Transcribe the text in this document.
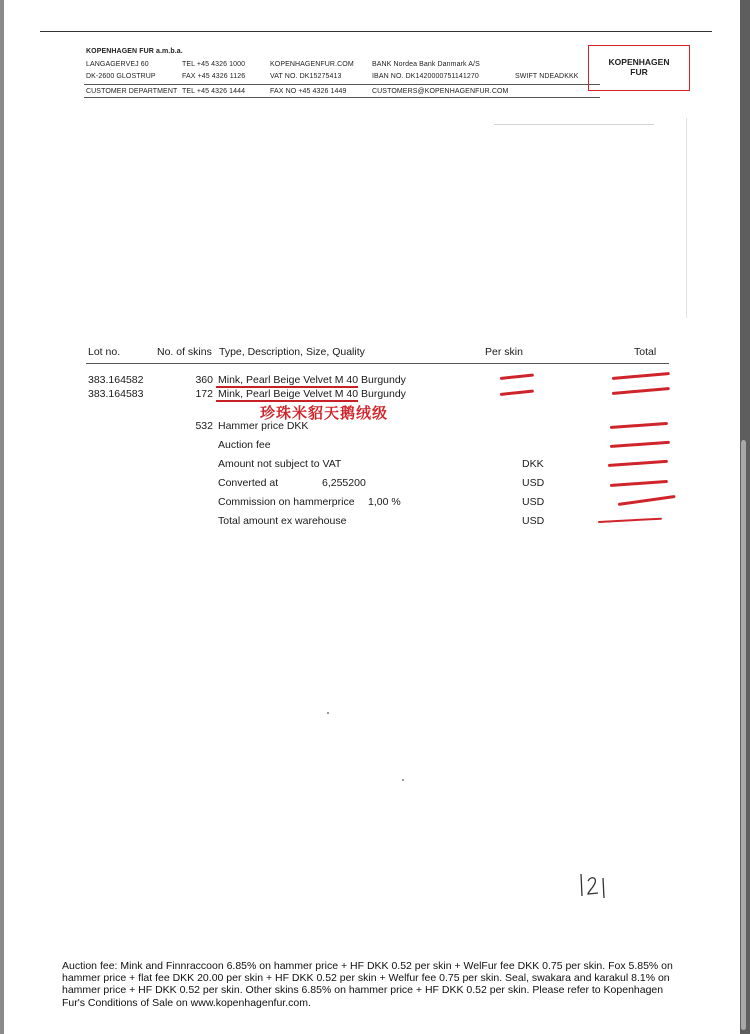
KOPENHAGEN FUR a.m.b.a.
LANGAGERVEJ 60
DK-2600 GLOSTRUP
CUSTOMER DEPARTMENT
TEL +45 4326 1000
FAX +45 4326 1126
TEL +45 4326 1444
KOPENHAGENFUR.COM
VAT NO. DK15275413
FAX NO +45 4326 1449
BANK Nordea Bank Danmark A/S
IBAN NO. DK1420000751141270
CUSTOMERS@KOPENHAGENFUR.COM
SWIFT NDEADKKK
KOPENHAGEN
FUR
Lot no.	No. of skins Type, Description, Size, Quality	Per skin	Total
383.164582	360 Mink, Pearl Beige Velvet M 40 Burgundy
383.164583	172 Mink, Pearl Beige Velvet M 40 Burgundy
珍珠米貂天鹅绒级
532 Hammer price DKK
Auction fee
Amount not subject to VAT	DKK
Converted at	6,255200	USD
Commission on hammerprice 1,00 %	USD
Total amount ex warehouse	USD
Auction fee: Mink and Finnraccoon 6.85% on hammer price + HF DKK 0.52 per skin + WelFur fee DKK 0.75 per skin. Fox 5.85% on hammer price + flat fee DKK 20.00 per skin + HF DKK 0.52 per skin + Welfur fee 0.75 per skin. Seal, swakara and karakul 8.1% on hammer price + HF DKK 0.52 per skin. Other skins 6.85% on hammer price + HF DKK 0.52 per skin. Please refer to Kopenhagen Fur's Conditions of Sale on www.kopenhagenfur.com.
